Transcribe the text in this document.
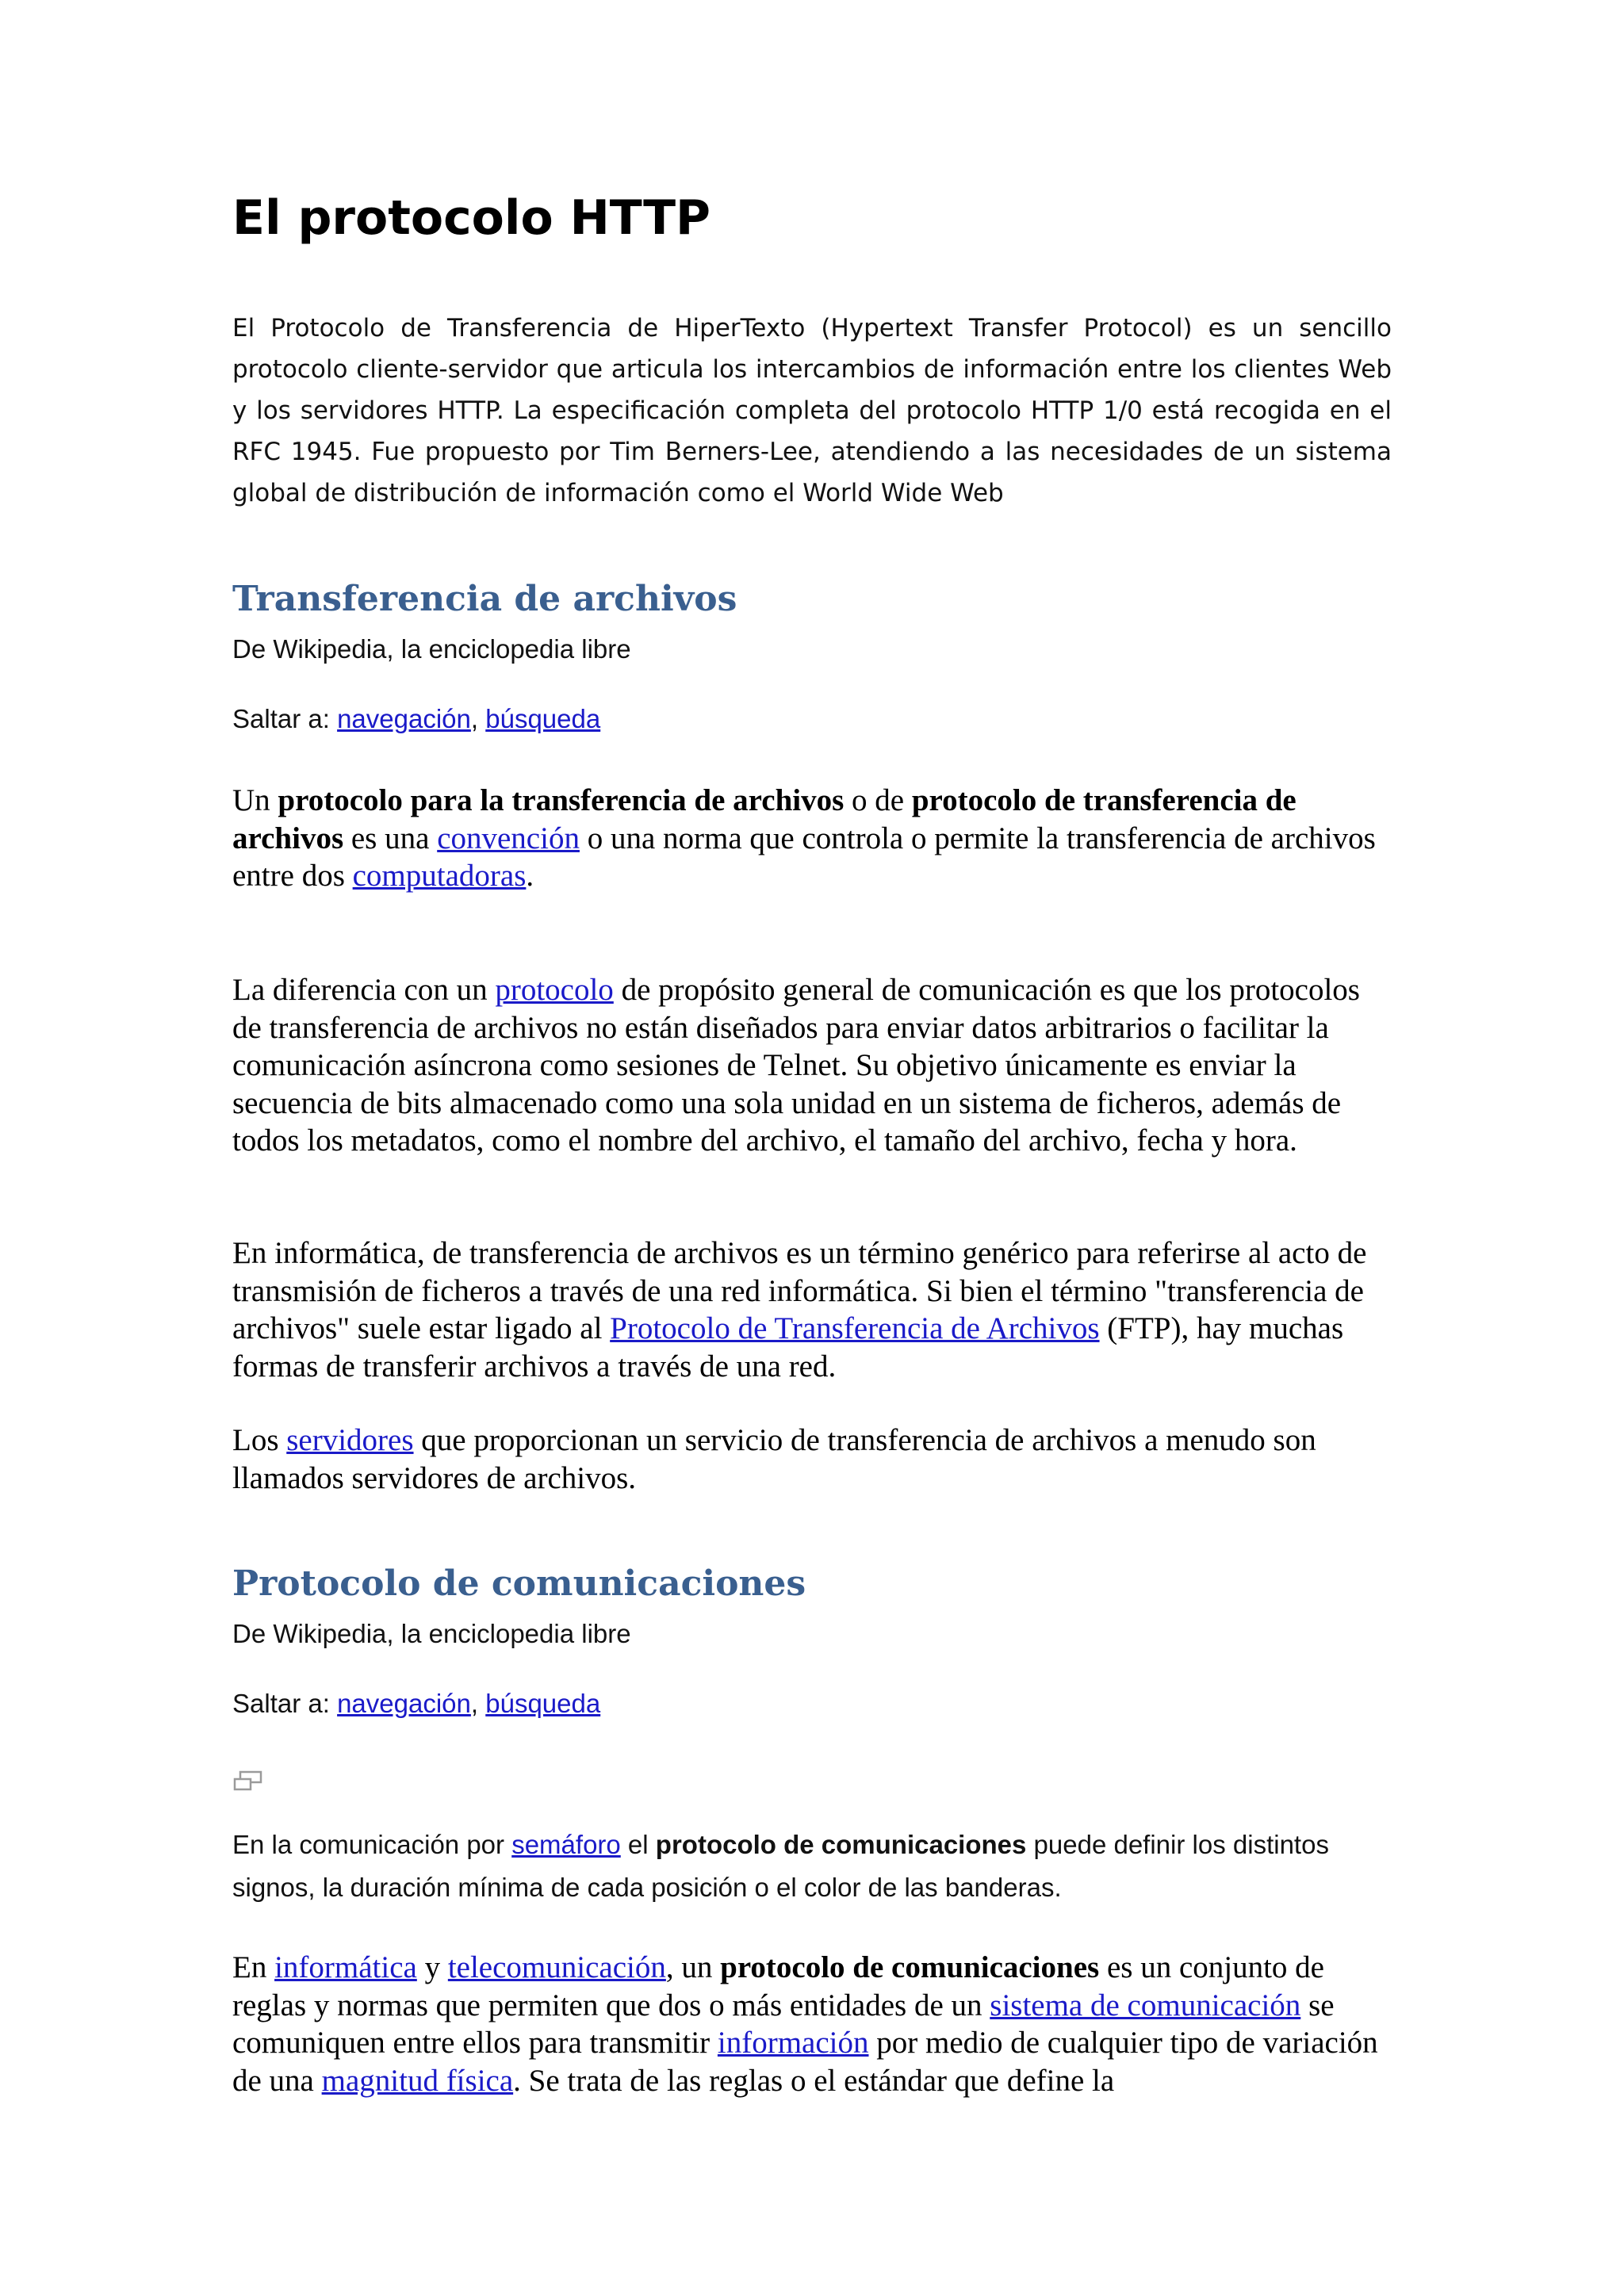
El protocolo HTTP

El Protocolo de Transferencia de HiperTexto (Hypertext Transfer Protocol) es un sencillo protocolo cliente-servidor que articula los intercambios de información entre los clientes Web y los servidores HTTP. La especificación completa del protocolo HTTP 1/0 está recogida en el RFC 1945. Fue propuesto por Tim Berners-Lee, atendiendo a las necesidades de un sistema global de distribución de información como el World Wide Web

Transferencia de archivos

De Wikipedia, la enciclopedia libre

Saltar a: navegación, búsqueda

Un protocolo para la transferencia de archivos o de protocolo de transferencia de archivos es una convención o una norma que controla o permite la transferencia de archivos entre dos computadoras.

La diferencia con un protocolo de propósito general de comunicación es que los protocolos de transferencia de archivos no están diseñados para enviar datos arbitrarios o facilitar la comunicación asíncrona como sesiones de Telnet. Su objetivo únicamente es enviar la secuencia de bits almacenado como una sola unidad en un sistema de ficheros, además de todos los metadatos, como el nombre del archivo, el tamaño del archivo, fecha y hora.

En informática, de transferencia de archivos es un término genérico para referirse al acto de transmisión de ficheros a través de una red informática. Si bien el término "transferencia de archivos" suele estar ligado al Protocolo de Transferencia de Archivos (FTP), hay muchas formas de transferir archivos a través de una red.

Los servidores que proporcionan un servicio de transferencia de archivos a menudo son llamados servidores de archivos.

Protocolo de comunicaciones

De Wikipedia, la enciclopedia libre

Saltar a: navegación, búsqueda

En la comunicación por semáforo el protocolo de comunicaciones puede definir los distintos signos, la duración mínima de cada posición o el color de las banderas.

En informática y telecomunicación, un protocolo de comunicaciones es un conjunto de reglas y normas que permiten que dos o más entidades de un sistema de comunicación se comuniquen entre ellos para transmitir información por medio de cualquier tipo de variación de una magnitud física. Se trata de las reglas o el estándar que define la
